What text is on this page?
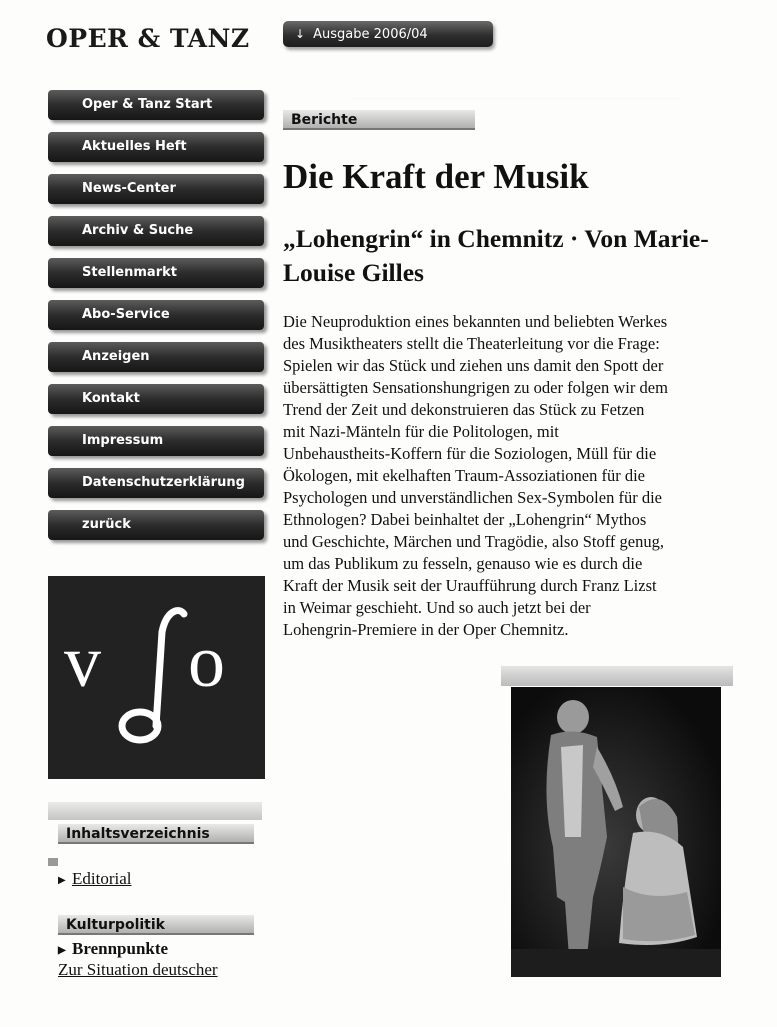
OPER & TANZ	↓ Ausgabe 2006/04
Oper & Tanz Start
Aktuelles Heft
News-Center
Archiv & Suche
Stellenmarkt
Abo-Service
Anzeigen
Kontakt
Impressum
Datenschutzerklärung
zurück
v o
Inhaltsverzeichnis
▶ Editorial
Kulturpolitik
▶ Brennpunkte
Zur Situation deutscher
Berichte
Die Kraft der Musik
„Lohengrin“ in Chemnitz · Von Marie-Louise Gilles

Die Neuproduktion eines bekannten und beliebten Werkes
des Musiktheaters stellt die Theaterleitung vor die Frage:
Spielen wir das Stück und ziehen uns damit den Spott der
übersättigten Sensationshungrigen zu oder folgen wir dem
Trend der Zeit und dekonstruieren das Stück zu Fetzen
mit Nazi-Mänteln für die Politologen, mit
Unbehaustheits-Koffern für die Soziologen, Müll für die
Ökologen, mit ekelhaften Traum-Assoziationen für die
Psychologen und unverständlichen Sex-Symbolen für die
Ethnologen? Dabei beinhaltet der „Lohengrin“ Mythos
und Geschichte, Märchen und Tragödie, also Stoff genug,
um das Publikum zu fesseln, genauso wie es durch die
Kraft der Musik seit der Uraufführung durch Franz Lizst
in Weimar geschieht. Und so auch jetzt bei der
Lohengrin-Premiere in der Oper Chemnitz.
